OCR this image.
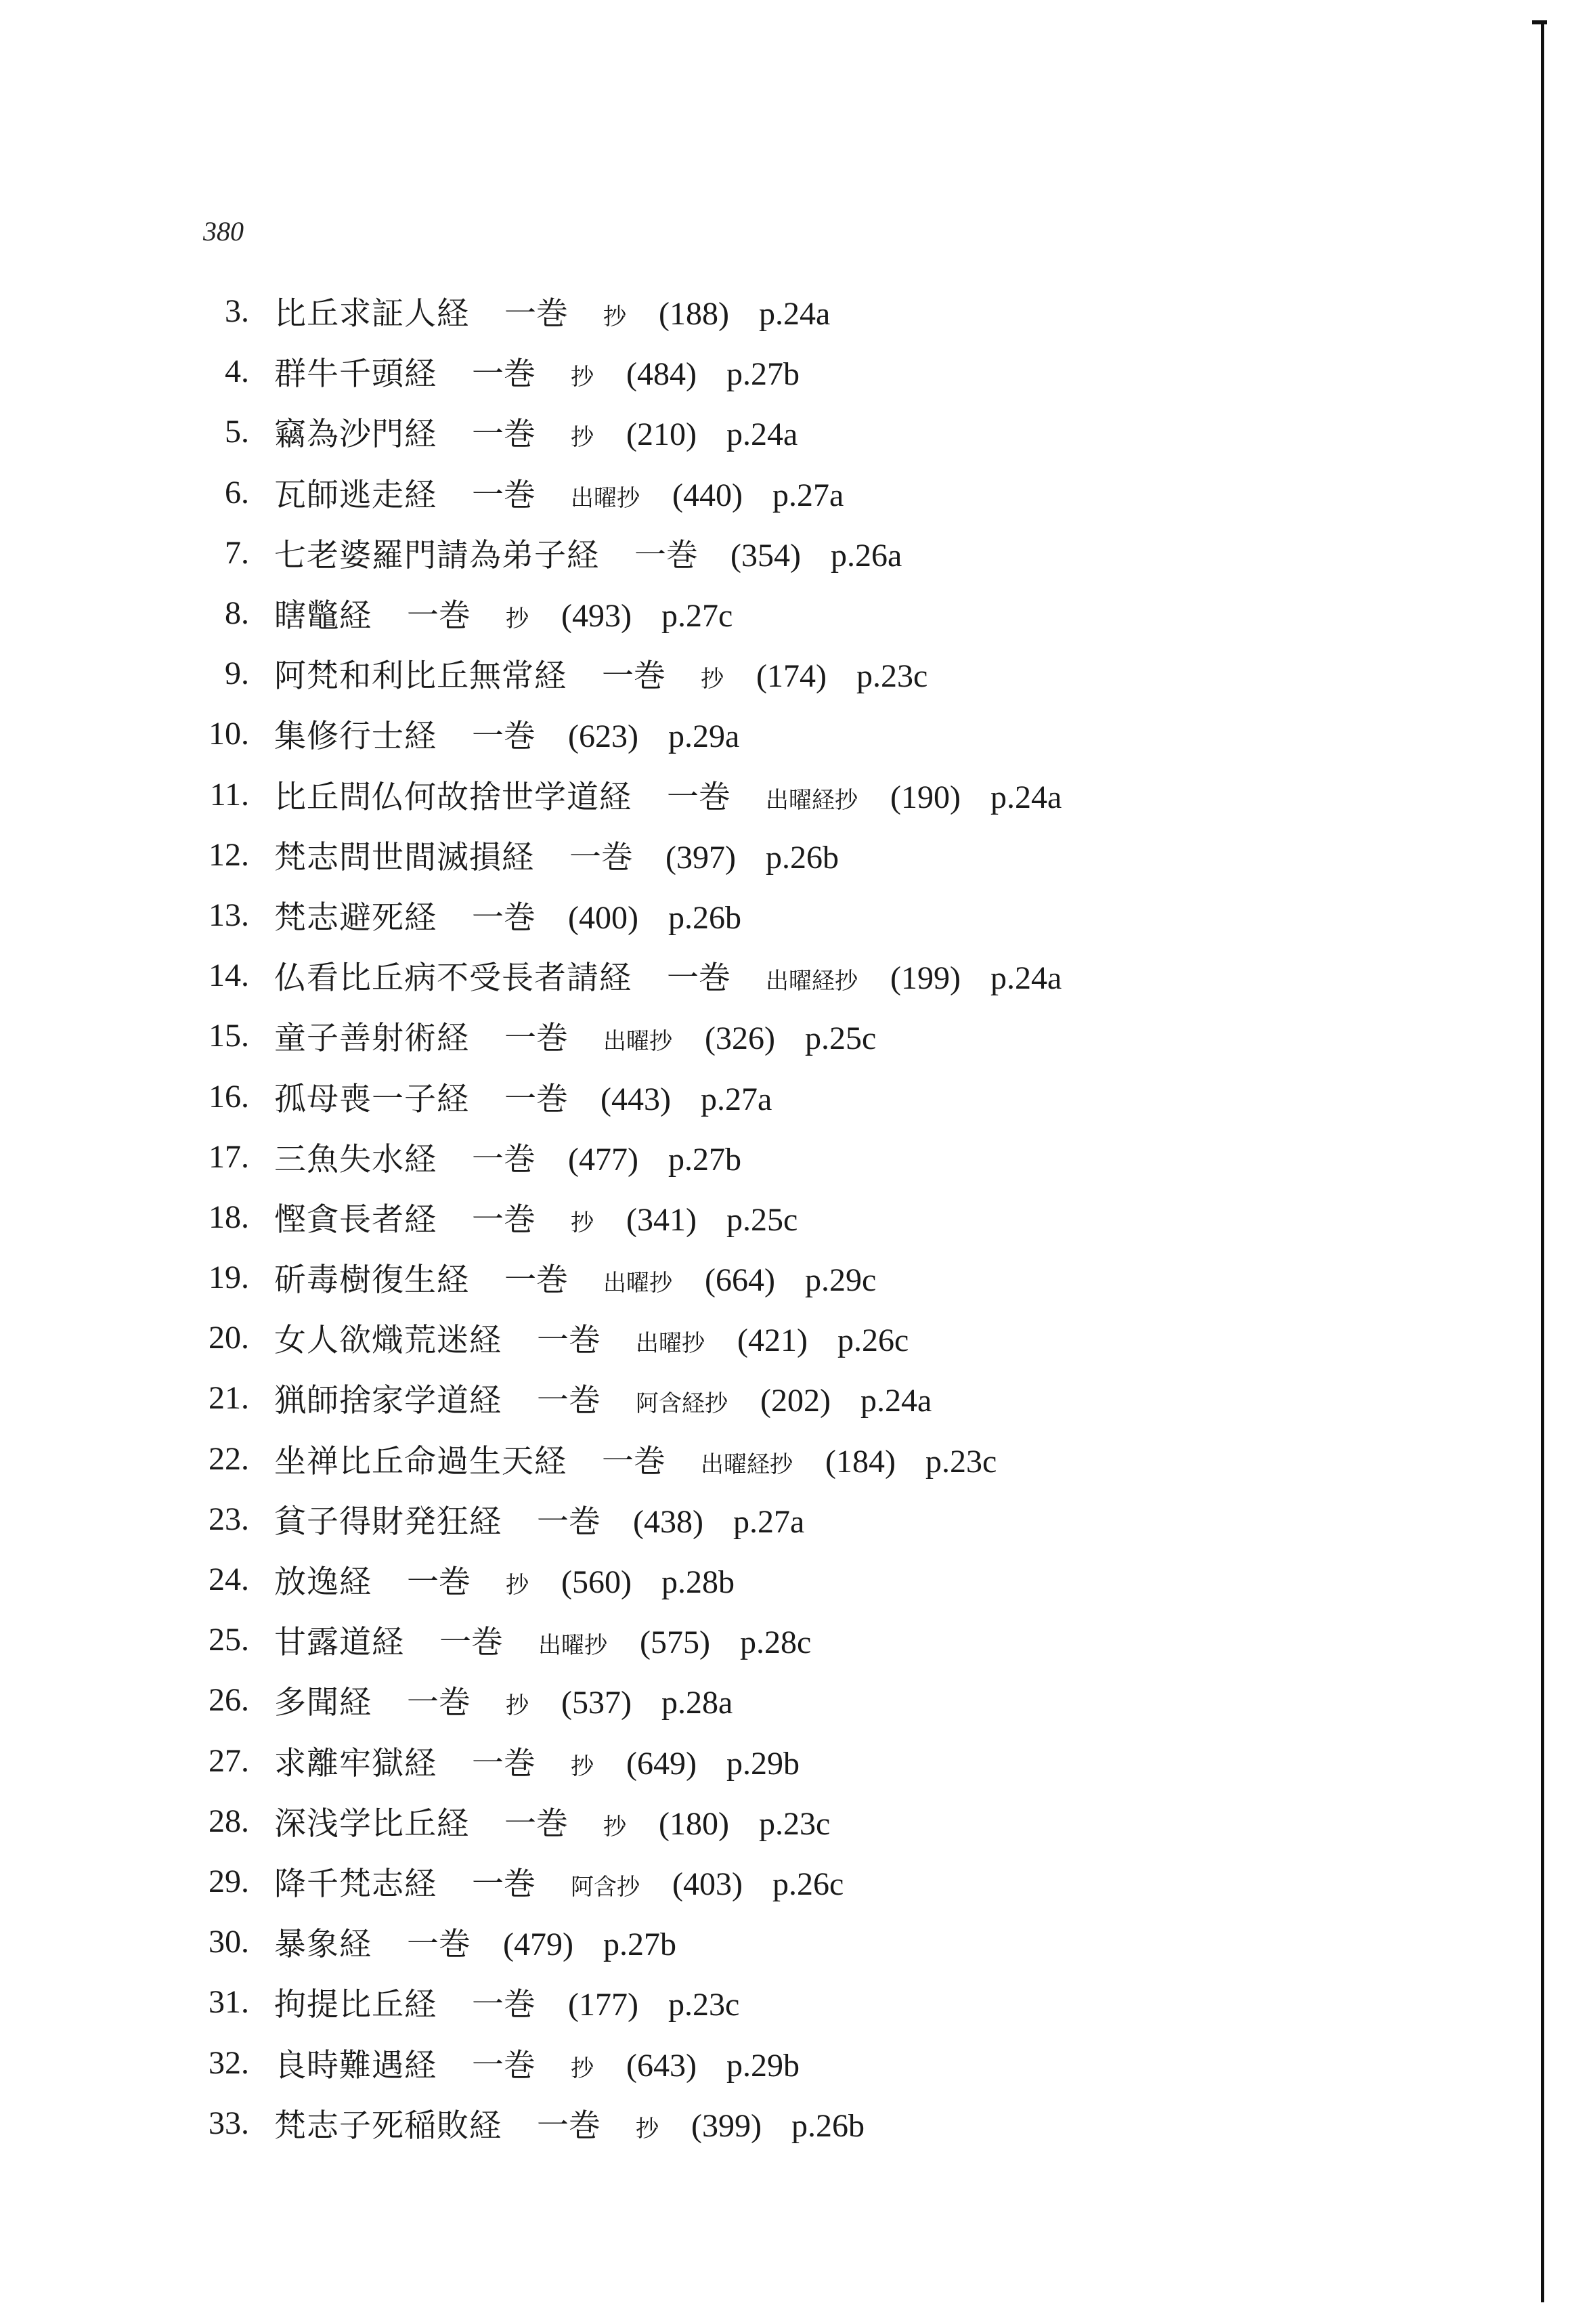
380
3. 比丘求証人経 一巻 抄 (188) p.24a
4. 群牛千頭経 一巻 抄 (484) p.27b
5. 竊為沙門経 一巻 抄 (210) p.24a
6. 瓦師逃走経 一巻 出曜抄 (440) p.27a
7. 七老婆羅門請為弟子経 一巻 (354) p.26a
8. 瞎鼈経 一巻 抄 (493) p.27c
9. 阿梵和利比丘無常経 一巻 抄 (174) p.23c
10. 集修行士経 一巻 (623) p.29a
11. 比丘問仏何故捨世学道経 一巻 出曜経抄 (190) p.24a
12. 梵志問世間滅損経 一巻 (397) p.26b
13. 梵志避死経 一巻 (400) p.26b
14. 仏看比丘病不受長者請経 一巻 出曜経抄 (199) p.24a
15. 童子善射術経 一巻 出曜抄 (326) p.25c
16. 孤母喪一子経 一巻 (443) p.27a
17. 三魚失水経 一巻 (477) p.27b
18. 慳貪長者経 一巻 抄 (341) p.25c
19. 斫毒樹復生経 一巻 出曜抄 (664) p.29c
20. 女人欲熾荒迷経 一巻 出曜抄 (421) p.26c
21. 猟師捨家学道経 一巻 阿含経抄 (202) p.24a
22. 坐禅比丘命過生天経 一巻 出曜経抄 (184) p.23c
23. 貧子得財発狂経 一巻 (438) p.27a
24. 放逸経 一巻 抄 (560) p.28b
25. 甘露道経 一巻 出曜抄 (575) p.28c
26. 多聞経 一巻 抄 (537) p.28a
27. 求離牢獄経 一巻 抄 (649) p.29b
28. 深浅学比丘経 一巻 抄 (180) p.23c
29. 降千梵志経 一巻 阿含抄 (403) p.26c
30. 暴象経 一巻 (479) p.27b
31. 拘提比丘経 一巻 (177) p.23c
32. 良時難遇経 一巻 抄 (643) p.29b
33. 梵志子死稲敗経 一巻 抄 (399) p.26b
